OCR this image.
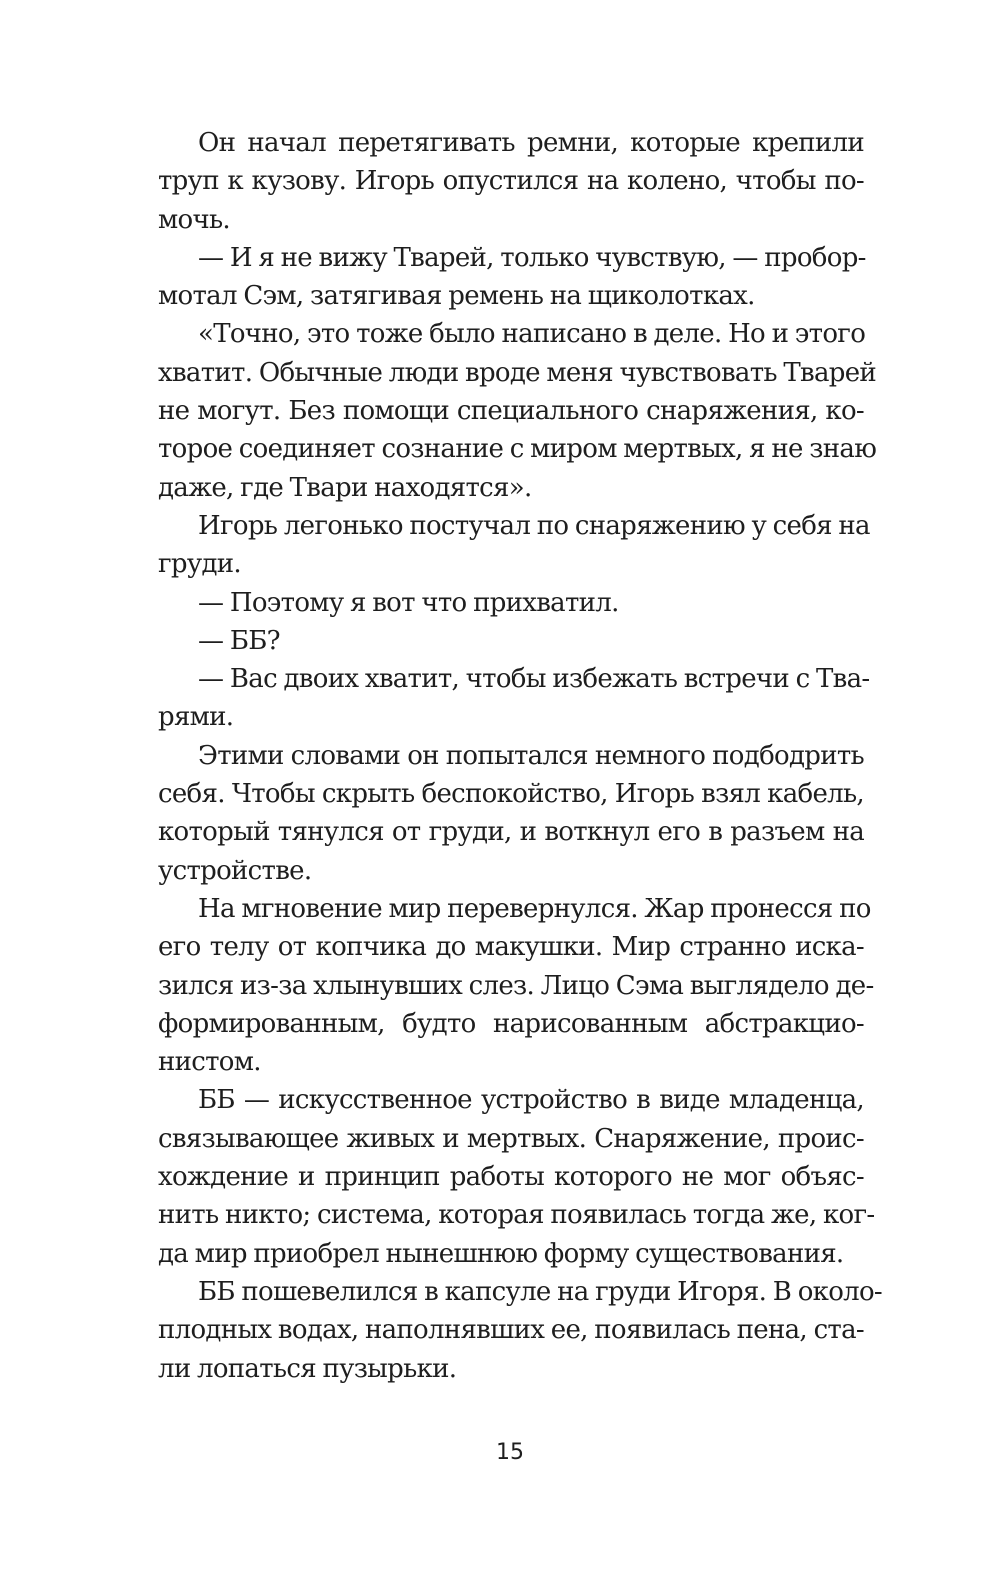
Он начал перетягивать ремни, которые крепили
труп к кузову. Игорь опустился на колено, чтобы по-
мочь.
— И я не вижу Тварей, только чувствую, — пробор-
мотал Сэм, затягивая ремень на щиколотках.
«Точно, это тоже было написано в деле. Но и этого
хватит. Обычные люди вроде меня чувствовать Тварей
не могут. Без помощи специального снаряжения, ко-
торое соединяет сознание с миром мертвых, я не знаю
даже, где Твари находятся».
Игорь легонько постучал по снаряжению у себя на
груди.
— Поэтому я вот что прихватил.
— ББ?
— Вас двоих хватит, чтобы избежать встречи с Тва-
рями.
Этими словами он попытался немного подбодрить
себя. Чтобы скрыть беспокойство, Игорь взял кабель,
который тянулся от груди, и воткнул его в разъем на
устройстве.
На мгновение мир перевернулся. Жар пронесся по
его телу от копчика до макушки. Мир странно иска-
зился из-за хлынувших слез. Лицо Сэма выглядело де-
формированным, будто нарисованным абстракцио-
нистом.
ББ — искусственное устройство в виде младенца,
связывающее живых и мертвых. Снаряжение, проис-
хождение и принцип работы которого не мог объяс-
нить никто; система, которая появилась тогда же, ког-
да мир приобрел нынешнюю форму существования.
ББ пошевелился в капсуле на груди Игоря. В около-
плодных водах, наполнявших ее, появилась пена, ста-
ли лопаться пузырьки.
15
